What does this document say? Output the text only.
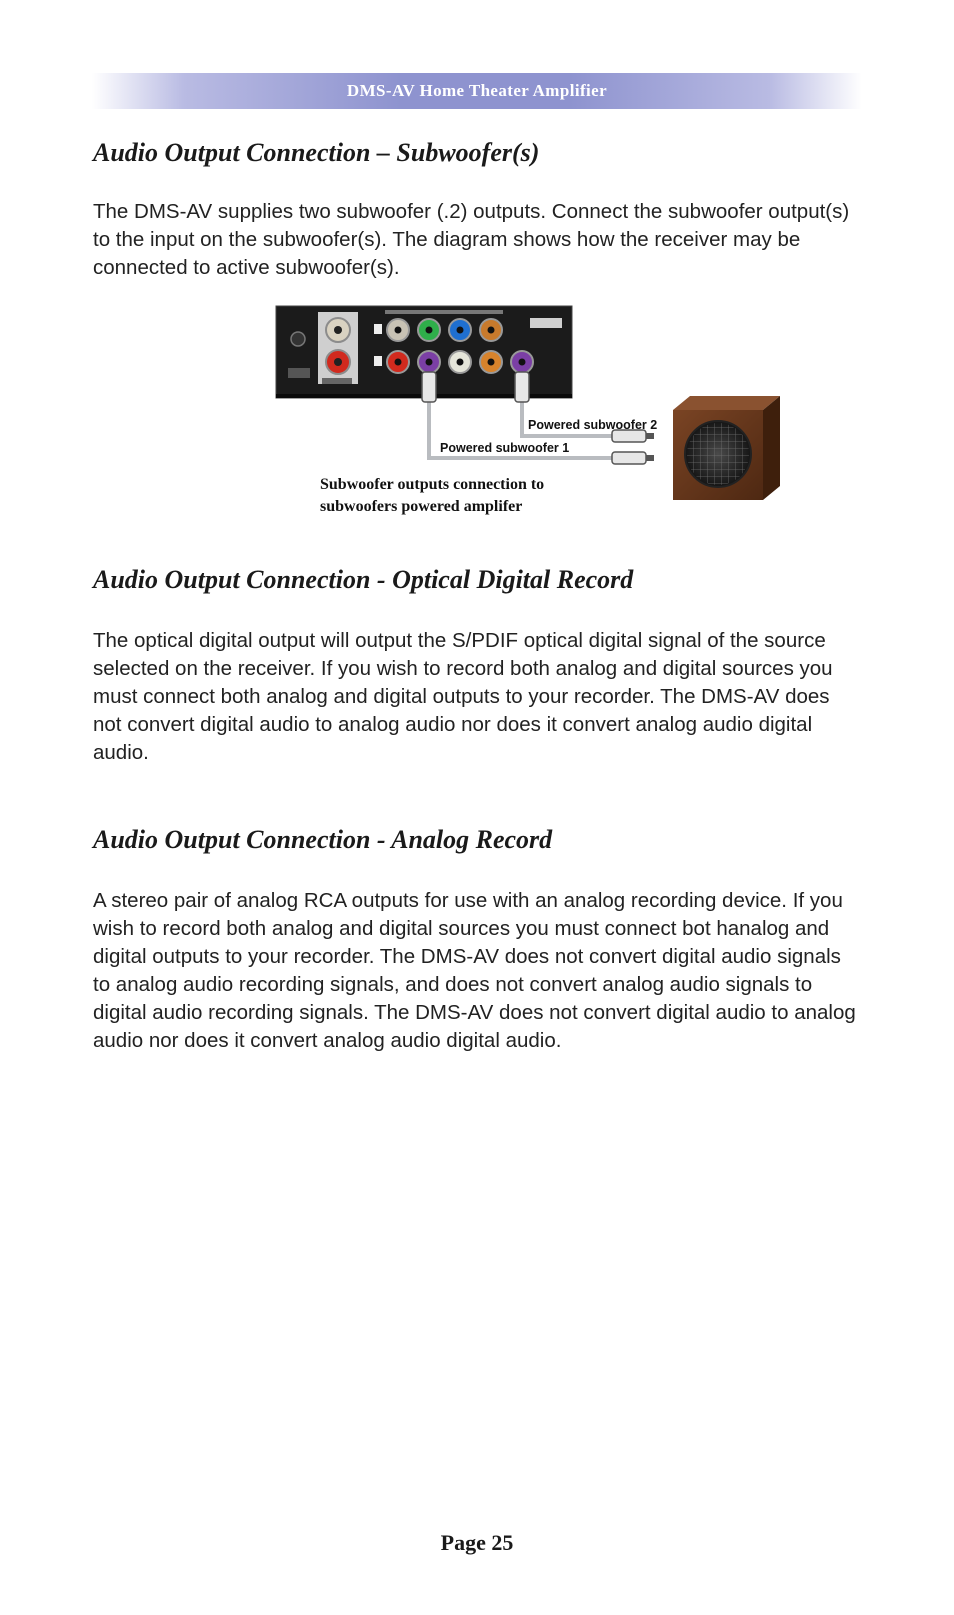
DMS-AV Home Theater Amplifier
Audio Output Connection – Subwoofer(s)

The DMS-AV supplies two subwoofer (.2) outputs. Connect the subwoofer output(s) to the input on the subwoofer(s). The diagram shows how the receiver may be connected to active subwoofer(s).

Powered subwoofer 2
Powered subwoofer 1
Subwoofer outputs connection to
subwoofers powered amplifer
Audio Output Connection - Optical Digital Record

The optical digital output will output the S/PDIF optical digital signal of the source selected on the receiver. If you wish to record both analog and digital sources you must connect both analog and digital outputs to your recorder. The DMS-AV does not convert digital audio to analog audio nor does it convert analog audio digital audio.

Audio Output Connection - Analog Record

A stereo pair of analog RCA outputs for use with an analog recording device. If you wish to record both analog and digital sources you must connect bot hanalog and digital outputs to your recorder. The DMS-AV does not convert digital audio signals to analog audio recording signals, and does not convert analog audio signals to digital audio recording signals. The DMS-AV does not convert digital audio to analog audio nor does it convert analog audio digital audio.

Page 25
